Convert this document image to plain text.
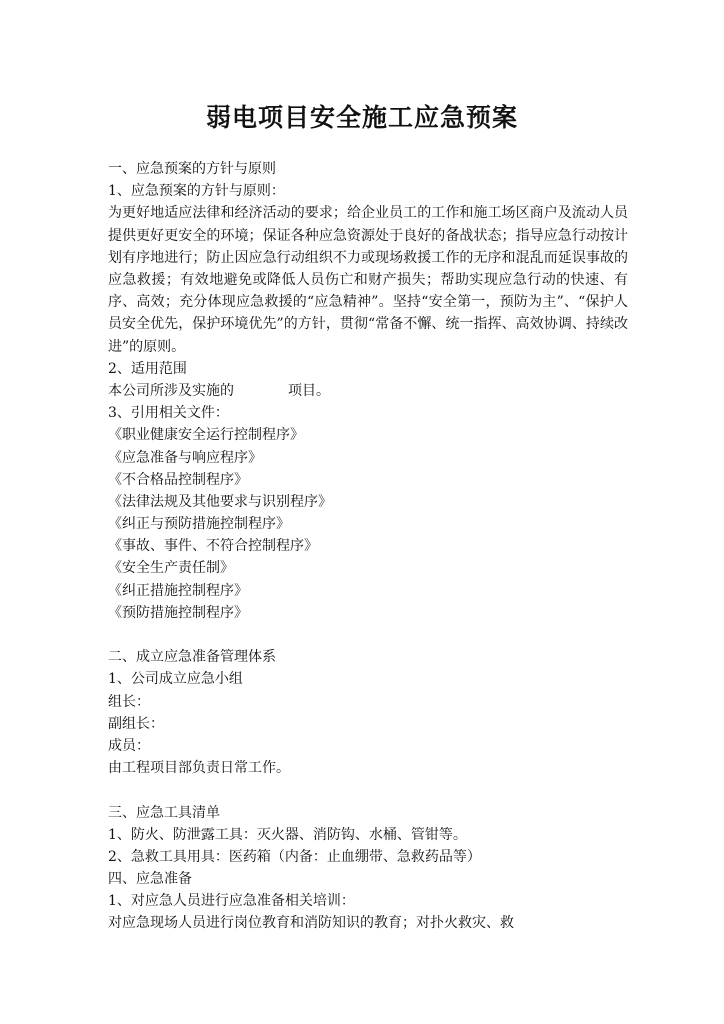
弱电项目安全施工应急预案

一、应急预案的方针与原则

1、应急预案的方针与原则：

为更好地适应法律和经济活动的要求；给企业员工的工作和施工场区商户及流动人员提供更好更安全的环境；保证各种应急资源处于良好的备战状态；指导应急行动按计划有序地进行；防止因应急行动组织不力或现场救援工作的无序和混乱而延误事故的应急救援；有效地避免或降低人员伤亡和财产损失；帮助实现应急行动的快速、有序、高效；充分体现应急救援的“应急精神”。坚持“安全第一，预防为主”、“保护人员安全优先，保护环境优先”的方针，贯彻“常备不懈、统一指挥、高效协调、持续改进”的原则。

2、适用范围

本公司所涉及实施的	项目。

3、引用相关文件：

《职业健康安全运行控制程序》

《应急准备与响应程序》

《不合格品控制程序》

《法律法规及其他要求与识别程序》

《纠正与预防措施控制程序》

《事故、事件、不符合控制程序》

《安全生产责任制》

《纠正措施控制程序》

《预防措施控制程序》

二、成立应急准备管理体系

1、公司成立应急小组

组长：

副组长：

成员：

由工程项目部负责日常工作。

三、应急工具清单

1、防火、防泄露工具：灭火器、消防钩、水桶、管钳等。

2、急救工具用具：医药箱（内备：止血绷带、急救药品等）

四、应急准备

1、对应急人员进行应急准备相关培训：

对应急现场人员进行岗位教育和消防知识的教育；对扑火救灾、救
